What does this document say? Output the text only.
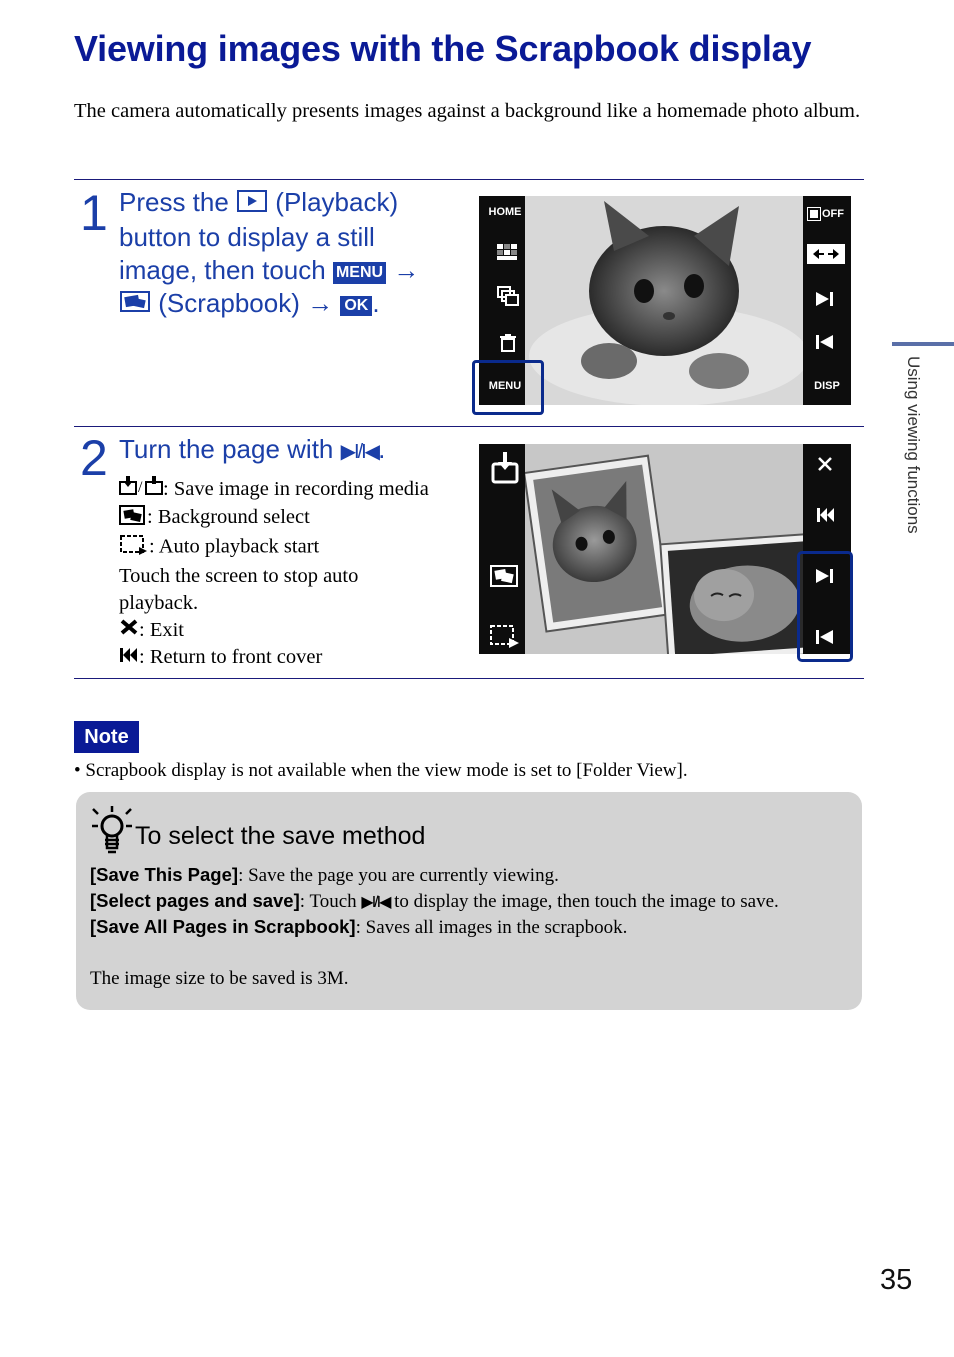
Viewing images with the Scrapbook display
The camera automatically presents images against a background like a homemade photo album.
1 Press the (Playback)
button to display a still
image, then touch MENU →
(Scrapbook) → OK .
HOME
MENU
OFF
DISP
2 Turn the page with ▶I/I◀.
/ : Save image in recording media
: Background select
: Auto playback start
Touch the screen to stop auto
playback.
: Exit
: Return to front cover
Note
• Scrapbook display is not available when the view mode is set to [Folder View].
To select the save method
[Save This Page]: Save the page you are currently viewing.
[Select pages and save]: Touch ▶I/I◀ to display the image, then touch the image to save.
[Save All Pages in Scrapbook]: Saves all images in the scrapbook.
The image size to be saved is 3M.
Using viewing functions
35
